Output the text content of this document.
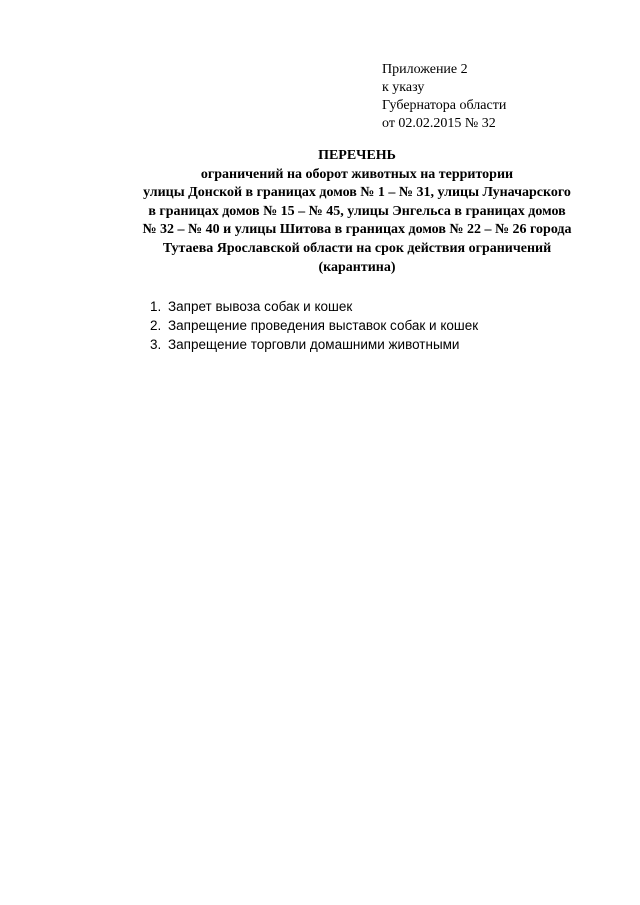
Приложение 2
к указу
Губернатора области
от 02.02.2015 № 32
ПЕРЕЧЕНЬ
ограничений на оборот животных на территории
улицы Донской в границах домов № 1 – № 31, улицы Луначарского
в границах домов № 15 – № 45, улицы Энгельса в границах домов
№ 32 – № 40 и улицы Шитова в границах домов № 22 – № 26 города
Тутаева Ярославской области на срок действия ограничений
(карантина)
1. Запрет вывоза собак и кошек
2. Запрещение проведения выставок собак и кошек
3. Запрещение торговли домашними животными
